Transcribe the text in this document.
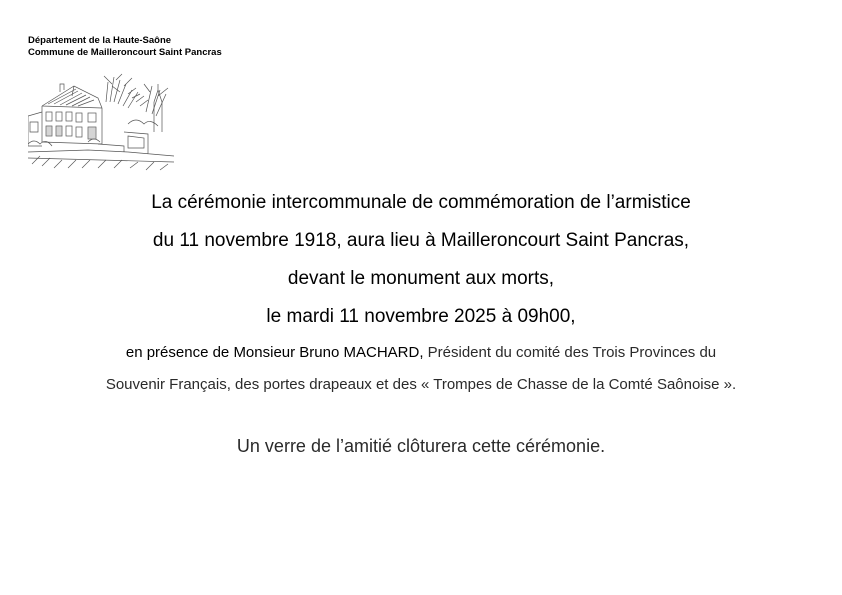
Département de la Haute-Saône
Commune de Mailleroncourt Saint Pancras
La cérémonie intercommunale de commémoration de l’armistice
du 11 novembre 1918, aura lieu à Mailleroncourt Saint Pancras,
devant le monument aux morts,
le mardi 11 novembre 2025 à 09h00,
en présence de Monsieur Bruno MACHARD, Président du comité des Trois Provinces du
Souvenir Français, des portes drapeaux et des « Trompes de Chasse de la Comté Saônoise ».
Un verre de l’amitié clôturera cette cérémonie.
